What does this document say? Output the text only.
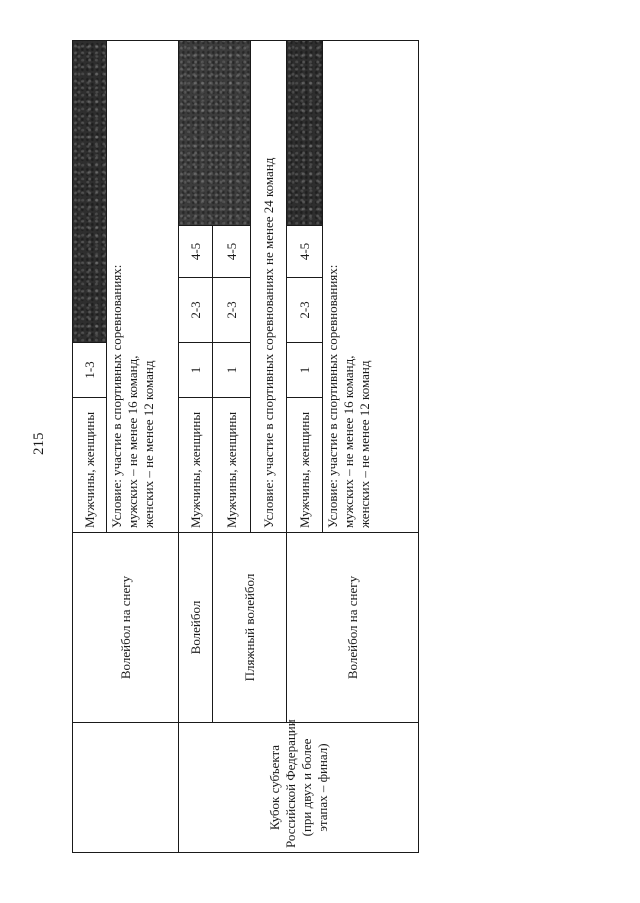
215
	Волейбол на снегу	Мужчины, женщины	1-3			

		Условие: участие в спортивных соревнованиях: мужских – не менее 16 команд, женских – не менее 12 команд				

Кубок субъекта Российской Федерации (при двух и более этапах – финал)	Волейбол	Мужчины, женщины	1	2-3	4-5	
	Пляжный волейбол	Мужчины, женщины	1	2-3	4-5	
		Условие: участие в спортивных соревнованиях не менее 24 команд				
	Волейбол на снегу	Мужчины, женщины	1	2-3	4-5	

		Условие: участие в спортивных соревнованиях: мужских – не менее 16 команд, женских – не менее 12 команд				
